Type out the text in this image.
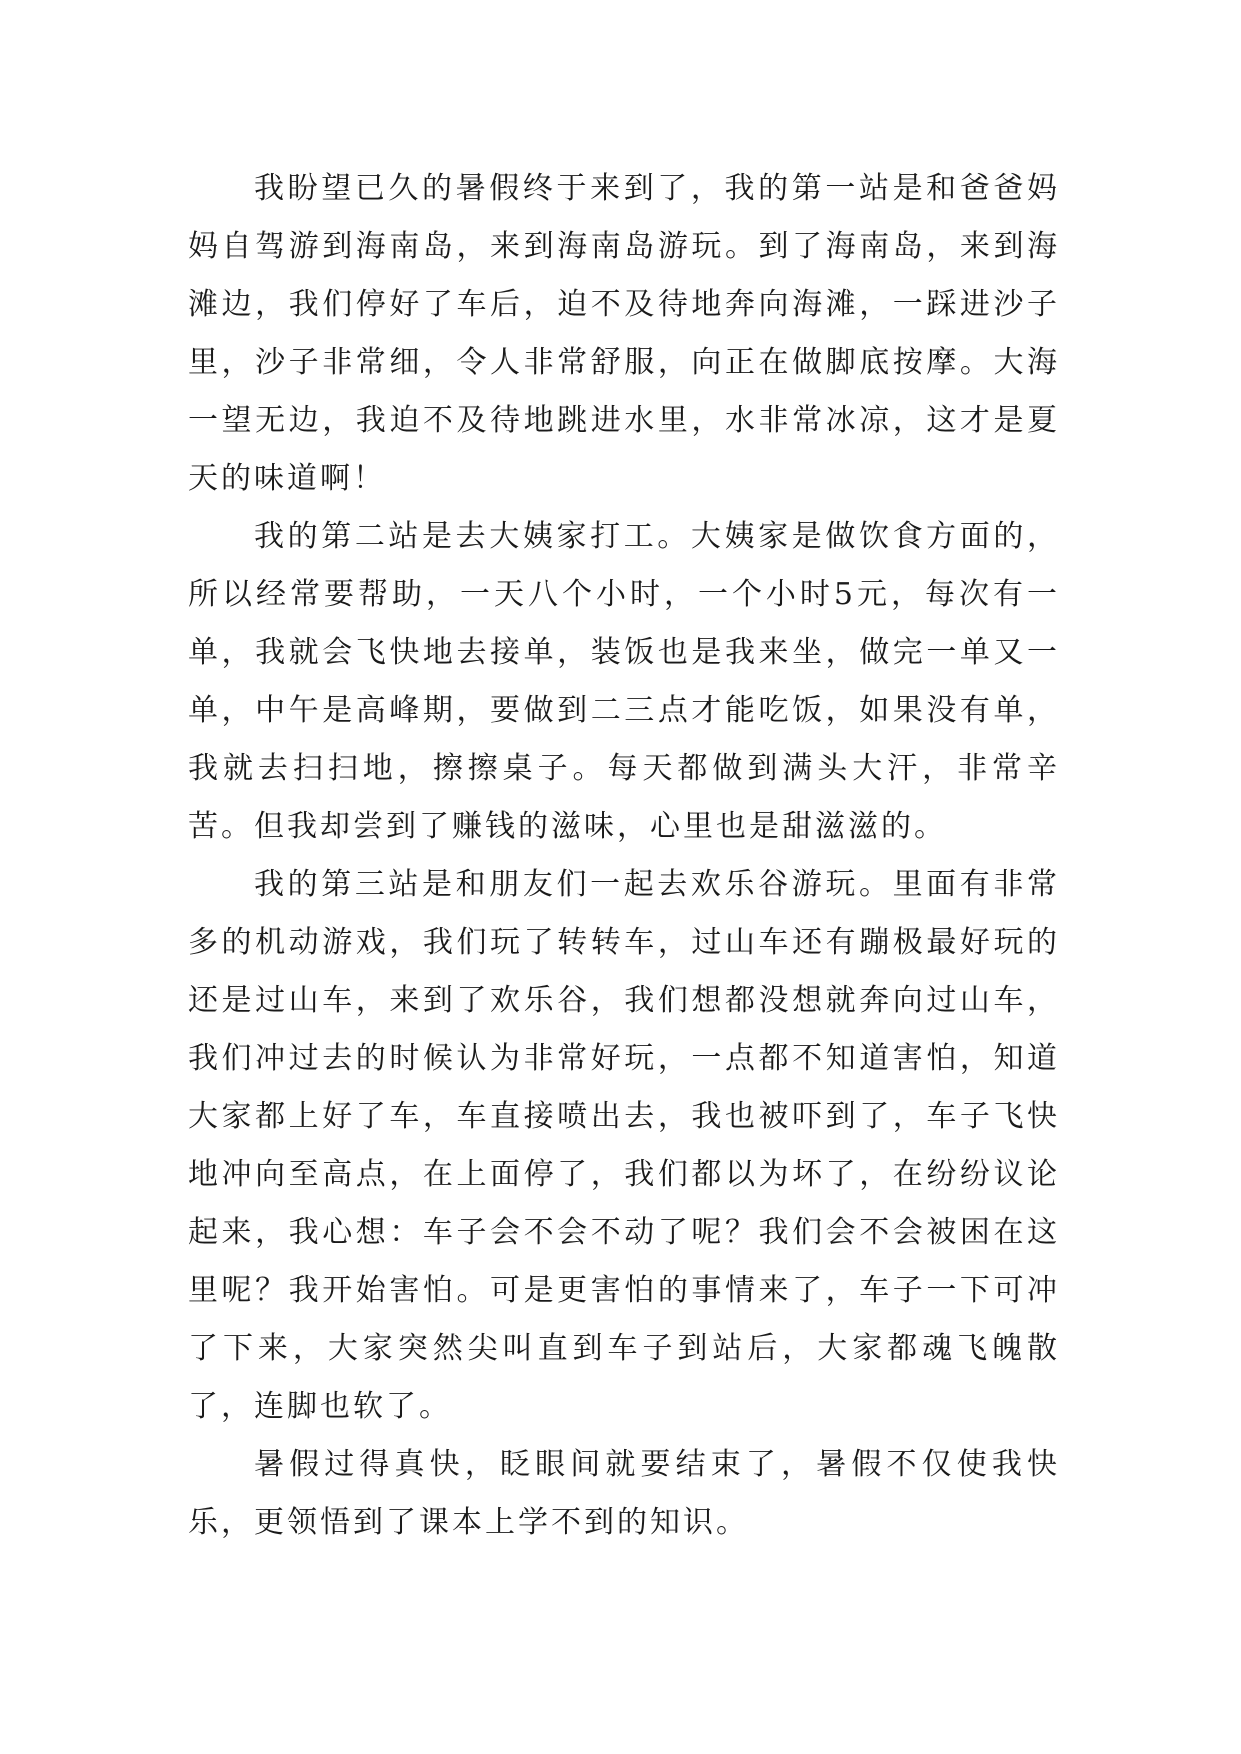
我盼望已久的暑假终于来到了，我的第一站是和爸爸妈妈自驾游到海南岛，来到海南岛游玩。到了海南岛，来到海滩边，我们停好了车后，迫不及待地奔向海滩，一踩进沙子里，沙子非常细，令人非常舒服，向正在做脚底按摩。大海一望无边，我迫不及待地跳进水里，水非常冰凉，这才是夏天的味道啊！

我的第二站是去大姨家打工。大姨家是做饮食方面的，所以经常要帮助，一天八个小时，一个小时5元，每次有一单，我就会飞快地去接单，装饭也是我来坐，做完一单又一单，中午是高峰期，要做到二三点才能吃饭，如果没有单，我就去扫扫地，擦擦桌子。每天都做到满头大汗，非常辛苦。但我却尝到了赚钱的滋味，心里也是甜滋滋的。

我的第三站是和朋友们一起去欢乐谷游玩。里面有非常多的机动游戏，我们玩了转转车，过山车还有蹦极最好玩的还是过山车，来到了欢乐谷，我们想都没想就奔向过山车，我们冲过去的时候认为非常好玩，一点都不知道害怕，知道大家都上好了车，车直接喷出去，我也被吓到了，车子飞快地冲向至高点，在上面停了，我们都以为坏了，在纷纷议论起来，我心想：车子会不会不动了呢？我们会不会被困在这里呢？我开始害怕。可是更害怕的事情来了，车子一下可冲了下来，大家突然尖叫直到车子到站后，大家都魂飞魄散了，连脚也软了。

暑假过得真快，眨眼间就要结束了，暑假不仅使我快乐，更领悟到了课本上学不到的知识。
